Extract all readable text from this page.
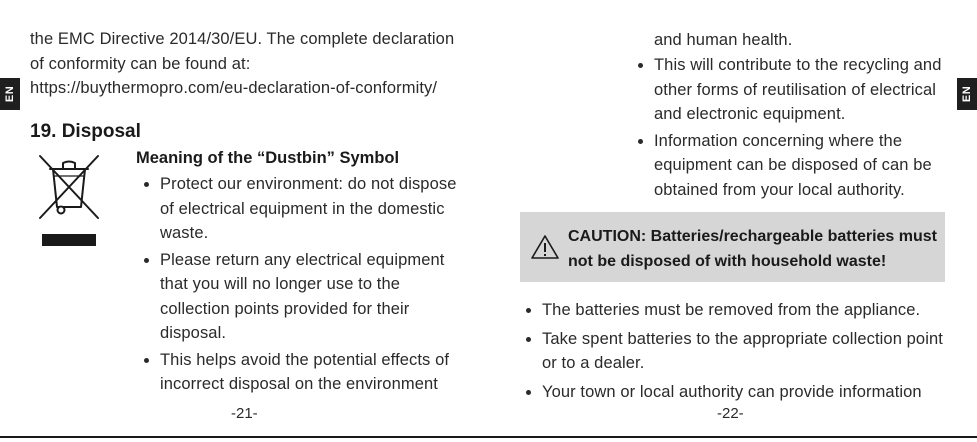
EN	EN
the EMC Directive 2014/30/EU. The complete declaration
of conformity can be found at:
https://buythermopro.com/eu-declaration-of-conformity/
19. Disposal
Meaning of the “Dustbin” Symbol
Protect our environment: do not dispose
of electrical equipment in the domestic
waste.
Please return any electrical equipment
that you will no longer use to the
collection points provided for their
disposal.
This helps avoid the potential effects of
incorrect disposal on the environment
-21-
and human health.
This will contribute to the recycling and
other forms of reutilisation of electrical
and electronic equipment.
Information concerning where the
equipment can be disposed of can be
obtained from your local authority.
CAUTION: Batteries/rechargeable batteries must
not be disposed of with household waste!
The batteries must be removed from the appliance.
Take spent batteries to the appropriate collection point
or to a dealer.
Your town or local authority can provide information
-22-
